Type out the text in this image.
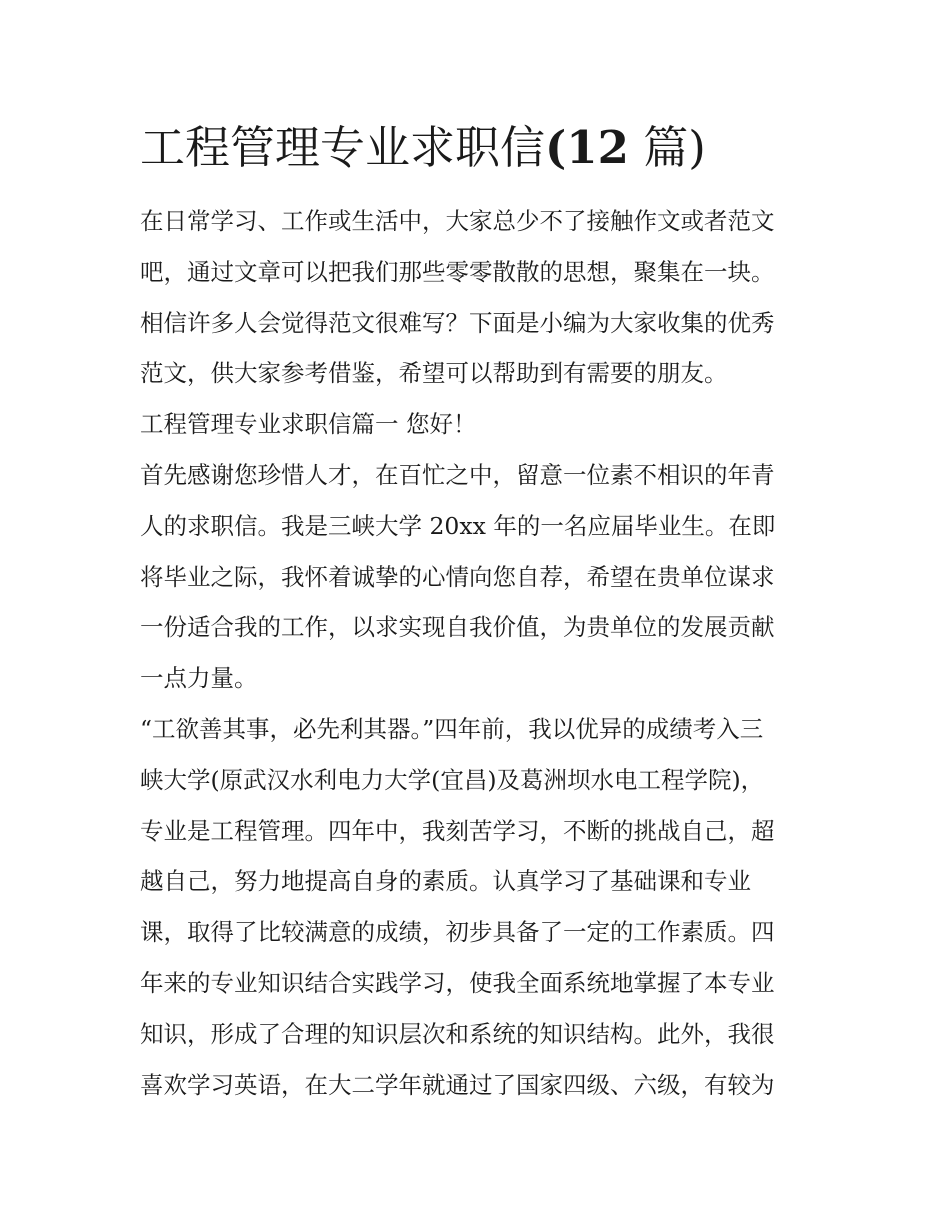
工程管理专业求职信(12 篇)
在日常学习、工作或生活中，大家总少不了接触作文或者范文
吧，通过文章可以把我们那些零零散散的思想，聚集在一块。
相信许多人会觉得范文很难写？下面是小编为大家收集的优秀
范文，供大家参考借鉴，希望可以帮助到有需要的朋友。
工程管理专业求职信篇一 您好！
首先感谢您珍惜人才，在百忙之中，留意一位素不相识的年青
人的求职信。我是三峡大学 20xx 年的一名应届毕业生。在即
将毕业之际，我怀着诚挚的心情向您自荐，希望在贵单位谋求
一份适合我的工作，以求实现自我价值，为贵单位的发展贡献
一点力量。
“工欲善其事，必先利其器。”四年前，我以优异的成绩考入三
峡大学(原武汉水利电力大学(宜昌)及葛洲坝水电工程学院)，
专业是工程管理。四年中，我刻苦学习，不断的挑战自己，超
越自己，努力地提高自身的素质。认真学习了基础课和专业
课，取得了比较满意的成绩，初步具备了一定的工作素质。四
年来的专业知识结合实践学习，使我全面系统地掌握了本专业
知识，形成了合理的知识层次和系统的知识结构。此外，我很
喜欢学习英语，在大二学年就通过了国家四级、六级，有较为
